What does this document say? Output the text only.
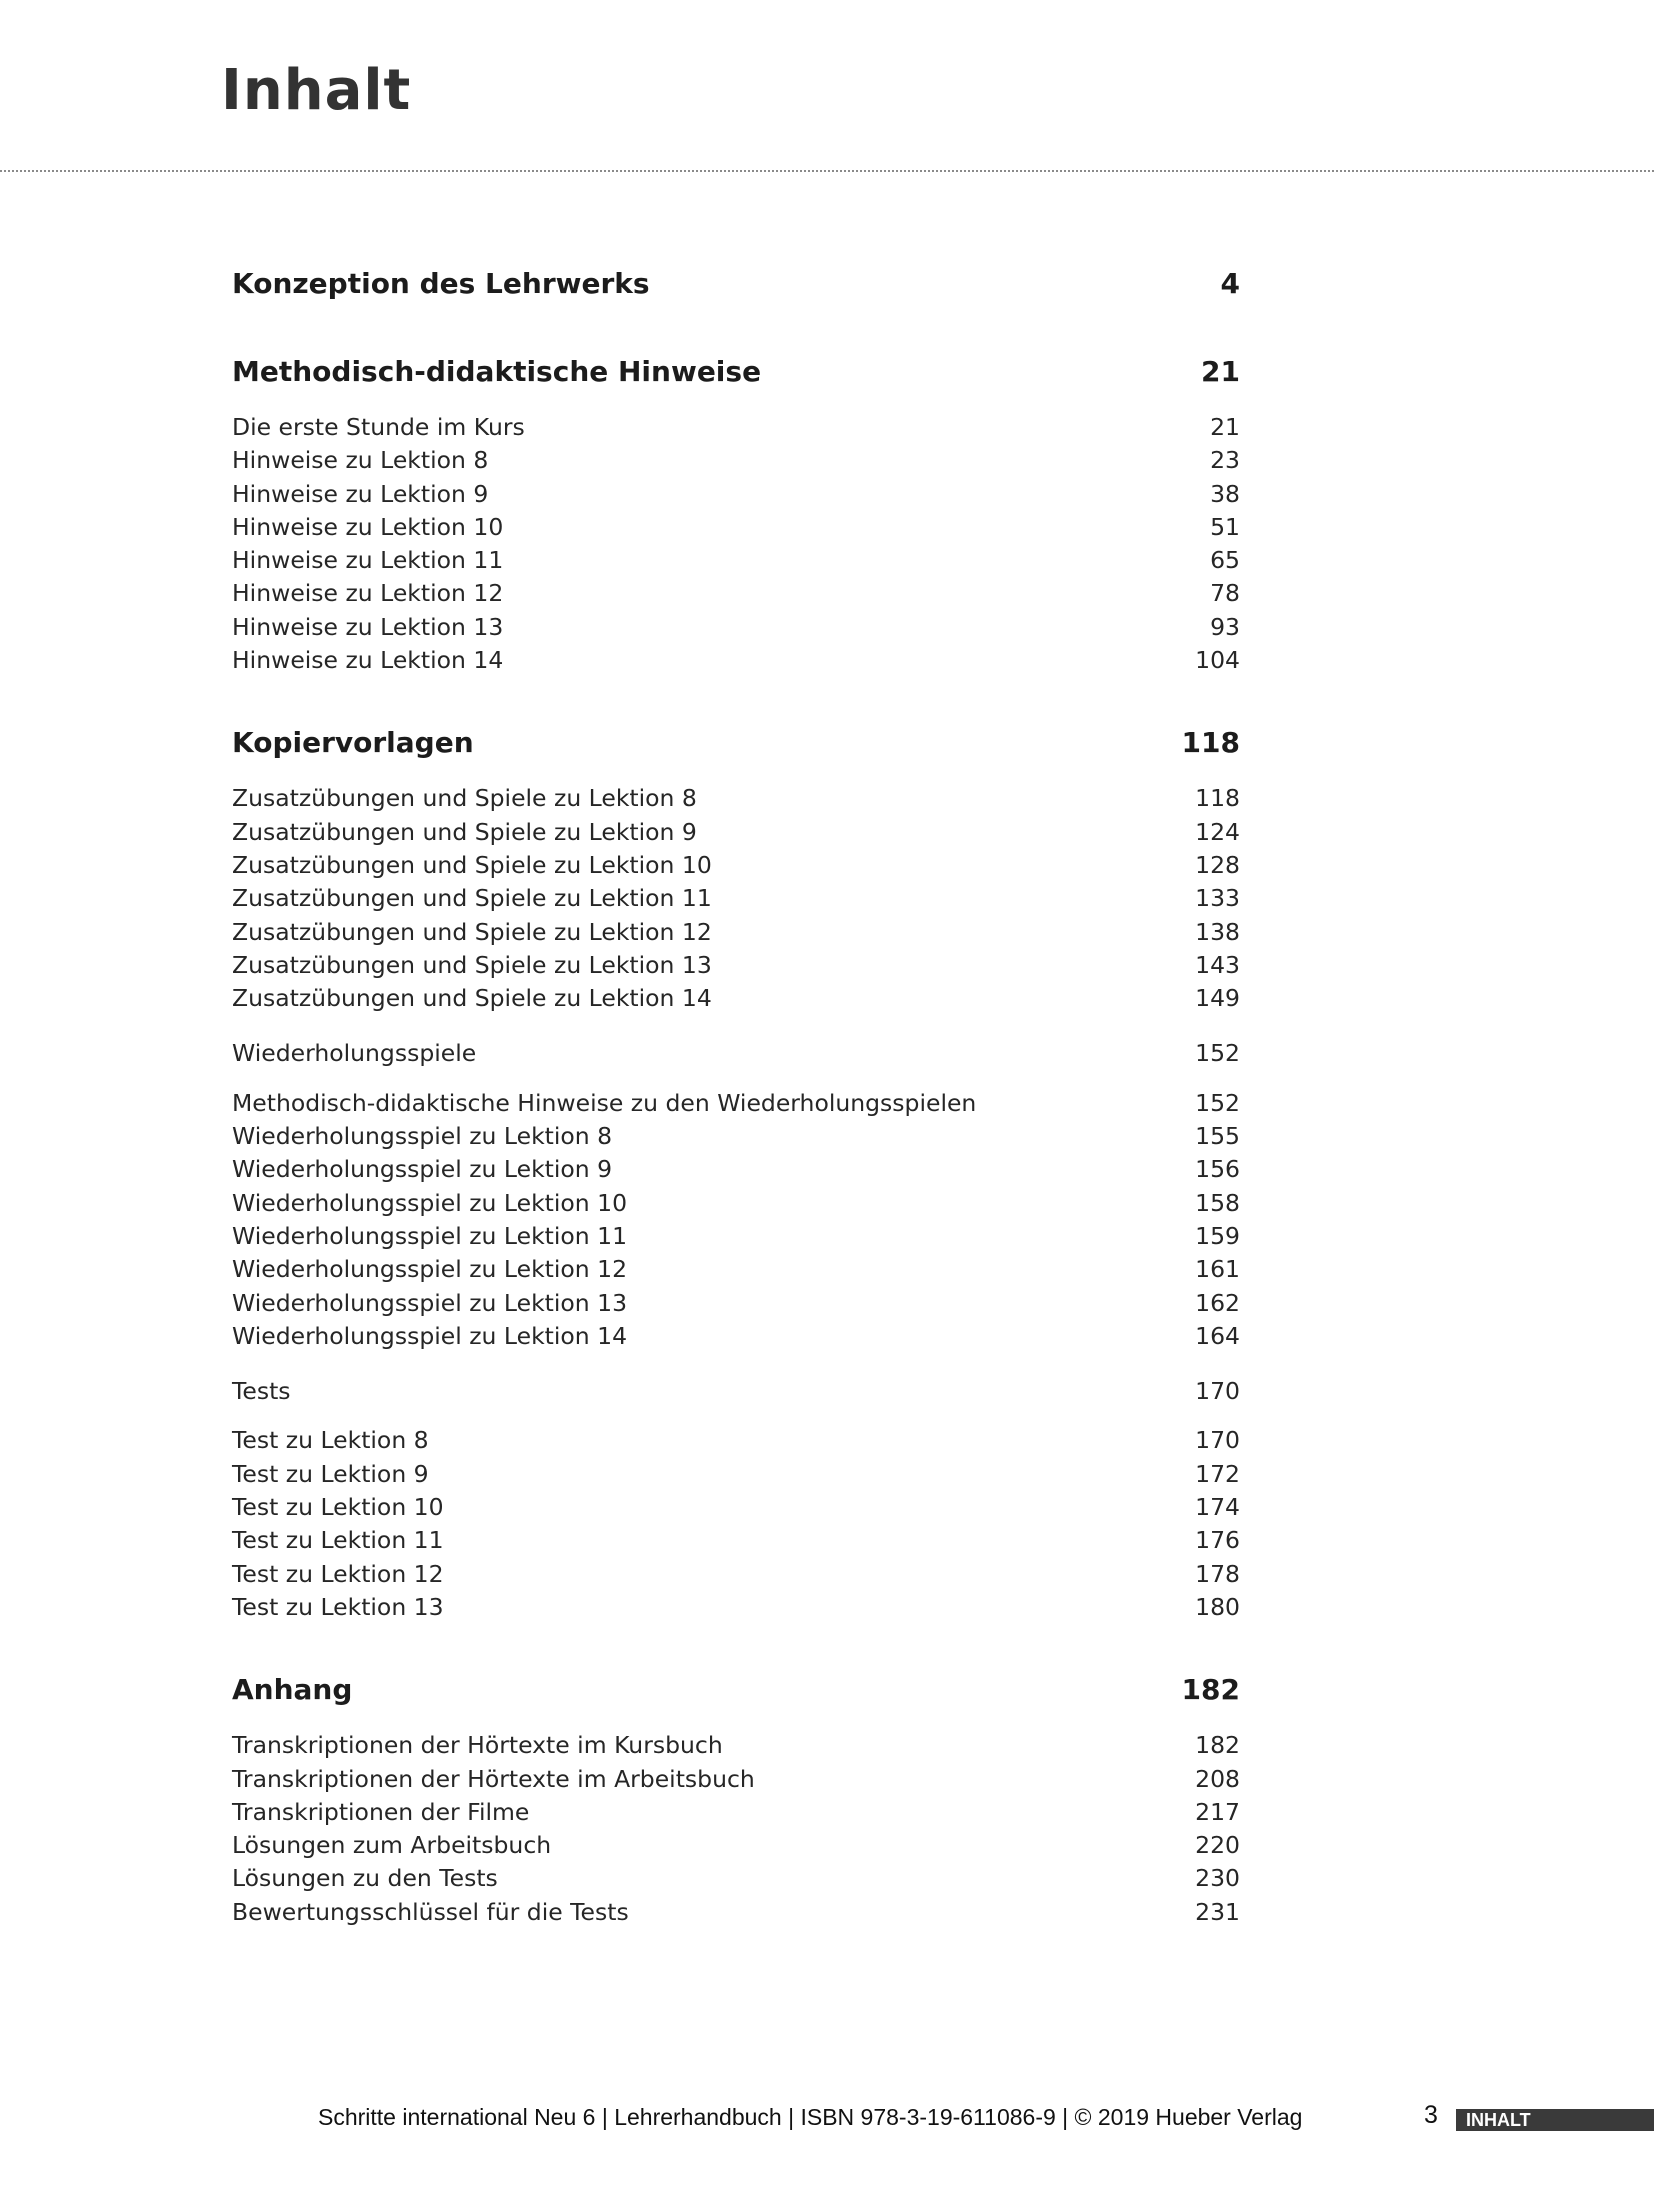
Inhalt
Konzeption des Lehrwerks	4
Methodisch-didaktische Hinweise	21
Die erste Stunde im Kurs	21
Hinweise zu Lektion 8	23
Hinweise zu Lektion 9	38
Hinweise zu Lektion 10	51
Hinweise zu Lektion 11	65
Hinweise zu Lektion 12	78
Hinweise zu Lektion 13	93
Hinweise zu Lektion 14	104
Kopiervorlagen	118
Zusatzübungen und Spiele zu Lektion 8	118
Zusatzübungen und Spiele zu Lektion 9	124
Zusatzübungen und Spiele zu Lektion 10	128
Zusatzübungen und Spiele zu Lektion 11	133
Zusatzübungen und Spiele zu Lektion 12	138
Zusatzübungen und Spiele zu Lektion 13	143
Zusatzübungen und Spiele zu Lektion 14	149
Wiederholungsspiele	152
Methodisch-didaktische Hinweise zu den Wiederholungsspielen	152
Wiederholungsspiel zu Lektion 8	155
Wiederholungsspiel zu Lektion 9	156
Wiederholungsspiel zu Lektion 10	158
Wiederholungsspiel zu Lektion 11	159
Wiederholungsspiel zu Lektion 12	161
Wiederholungsspiel zu Lektion 13	162
Wiederholungsspiel zu Lektion 14	164
Tests	170
Test zu Lektion 8	170
Test zu Lektion 9	172
Test zu Lektion 10	174
Test zu Lektion 11	176
Test zu Lektion 12	178
Test zu Lektion 13	180
Anhang	182
Transkriptionen der Hörtexte im Kursbuch	182
Transkriptionen der Hörtexte im Arbeitsbuch	208
Transkriptionen der Filme	217
Lösungen zum Arbeitsbuch	220
Lösungen zu den Tests	230
Bewertungsschlüssel für die Tests	231
Schritte international Neu 6 | Lehrerhandbuch | ISBN 978-3-19-611086-9 | © 2019 Hueber Verlag	3	INHALT
